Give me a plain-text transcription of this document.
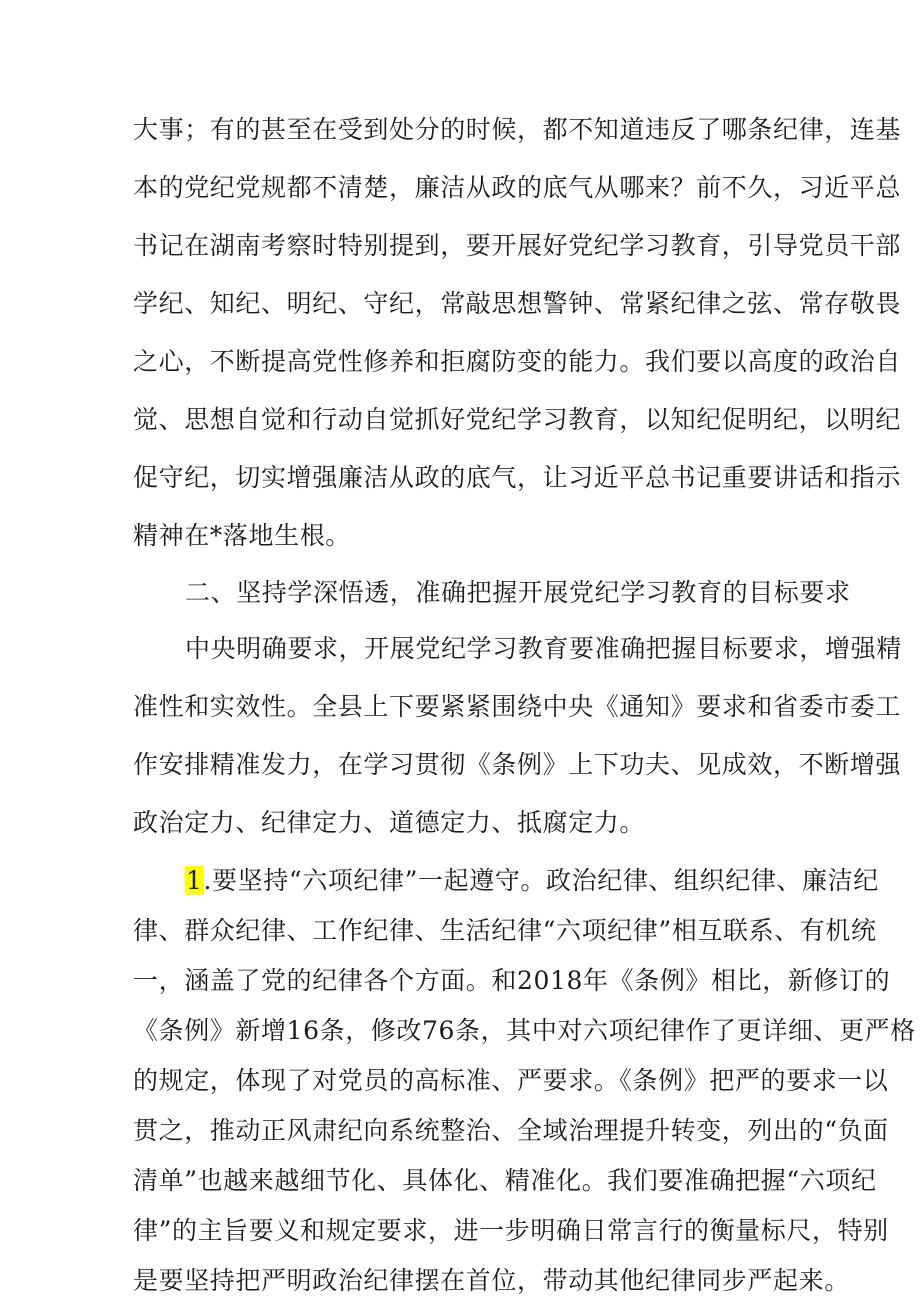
大事；有的甚至在受到处分的时候，都不知道违反了哪条纪律，连基
本的党纪党规都不清楚，廉洁从政的底气从哪来？前不久，习近平总
书记在湖南考察时特别提到，要开展好党纪学习教育，引导党员干部
学纪、知纪、明纪、守纪，常敲思想警钟、常紧纪律之弦、常存敬畏
之心，不断提高党性修养和拒腐防变的能力。我们要以高度的政治自
觉、思想自觉和行动自觉抓好党纪学习教育，以知纪促明纪，以明纪
促守纪，切实增强廉洁从政的底气，让习近平总书记重要讲话和指示
精神在*落地生根。
二、坚持学深悟透，准确把握开展党纪学习教育的目标要求
中央明确要求，开展党纪学习教育要准确把握目标要求，增强精
准性和实效性。全县上下要紧紧围绕中央《通知》要求和省委市委工
作安排精准发力，在学习贯彻《条例》上下功夫、见成效，不断增强
政治定力、纪律定力、道德定力、抵腐定力。
1.要坚持“六项纪律”一起遵守。政治纪律、组织纪律、廉洁纪
律、群众纪律、工作纪律、生活纪律“六项纪律”相互联系、有机统
一，涵盖了党的纪律各个方面。和2018年《条例》相比，新修订的
《条例》新增16条，修改76条，其中对六项纪律作了更详细、更严格
的规定，体现了对党员的高标准、严要求。《条例》把严的要求一以
贯之，推动正风肃纪向系统整治、全域治理提升转变，列出的“负面
清单”也越来越细节化、具体化、精准化。我们要准确把握“六项纪
律”的主旨要义和规定要求，进一步明确日常言行的衡量标尺，特别
是要坚持把严明政治纪律摆在首位，带动其他纪律同步严起来。
